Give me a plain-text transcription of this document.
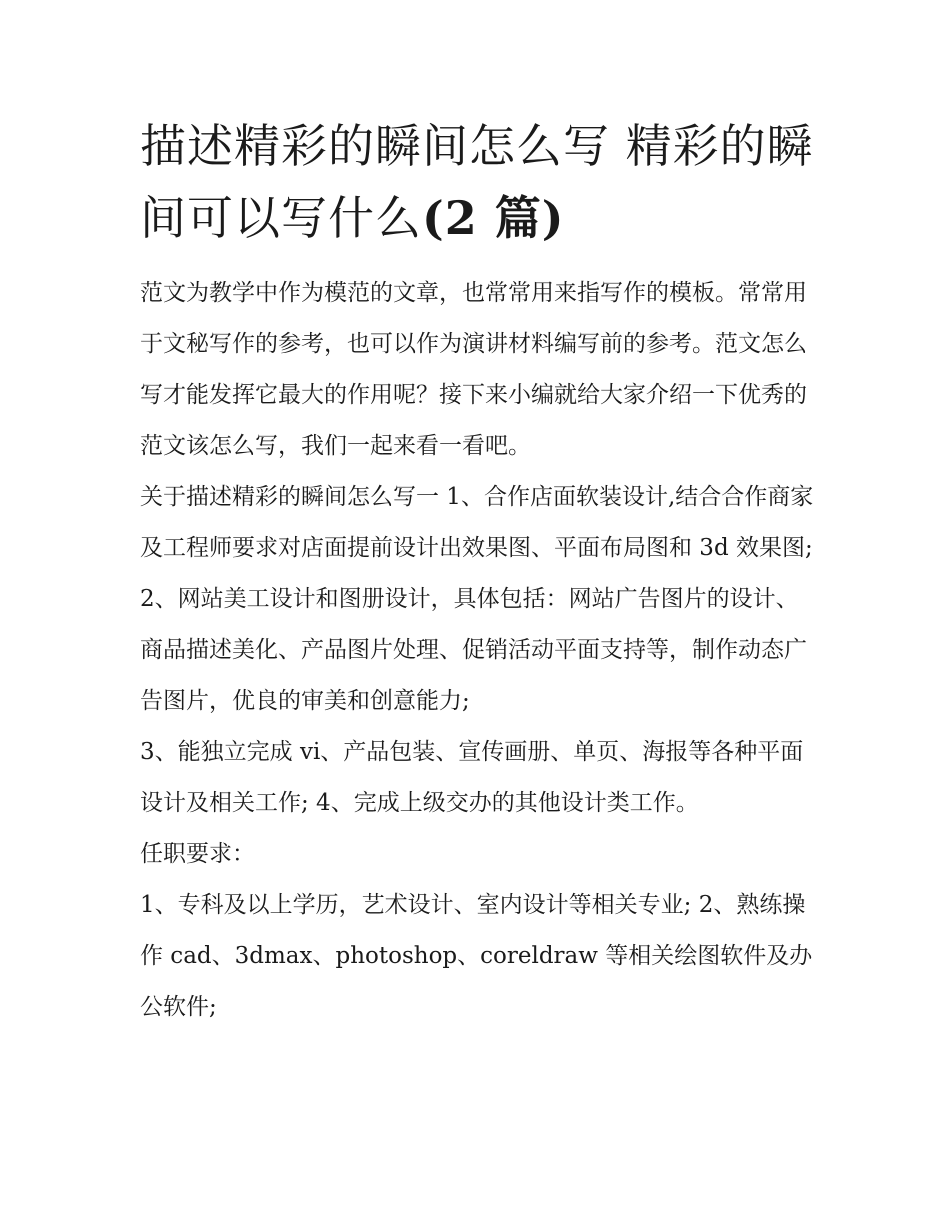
描述精彩的瞬间怎么写 精彩的瞬间可以写什么(2 篇)

范文为教学中作为模范的文章，也常常用来指写作的模板。常常用于文秘写作的参考，也可以作为演讲材料编写前的参考。范文怎么写才能发挥它最大的作用呢？接下来小编就给大家介绍一下优秀的范文该怎么写，我们一起来看一看吧。

关于描述精彩的瞬间怎么写一 1、合作店面软装设计,结合合作商家及工程师要求对店面提前设计出效果图、平面布局图和 3d 效果图;

2、网站美工设计和图册设计，具体包括：网站广告图片的设计、商品描述美化、产品图片处理、促销活动平面支持等，制作动态广告图片，优良的审美和创意能力;

3、能独立完成 vi、产品包装、宣传画册、单页、海报等各种平面设计及相关工作; 4、完成上级交办的其他设计类工作。

任职要求：

1、专科及以上学历，艺术设计、室内设计等相关专业; 2、熟练操作 cad、3dmax、photoshop、coreldraw 等相关绘图软件及办公软件;
